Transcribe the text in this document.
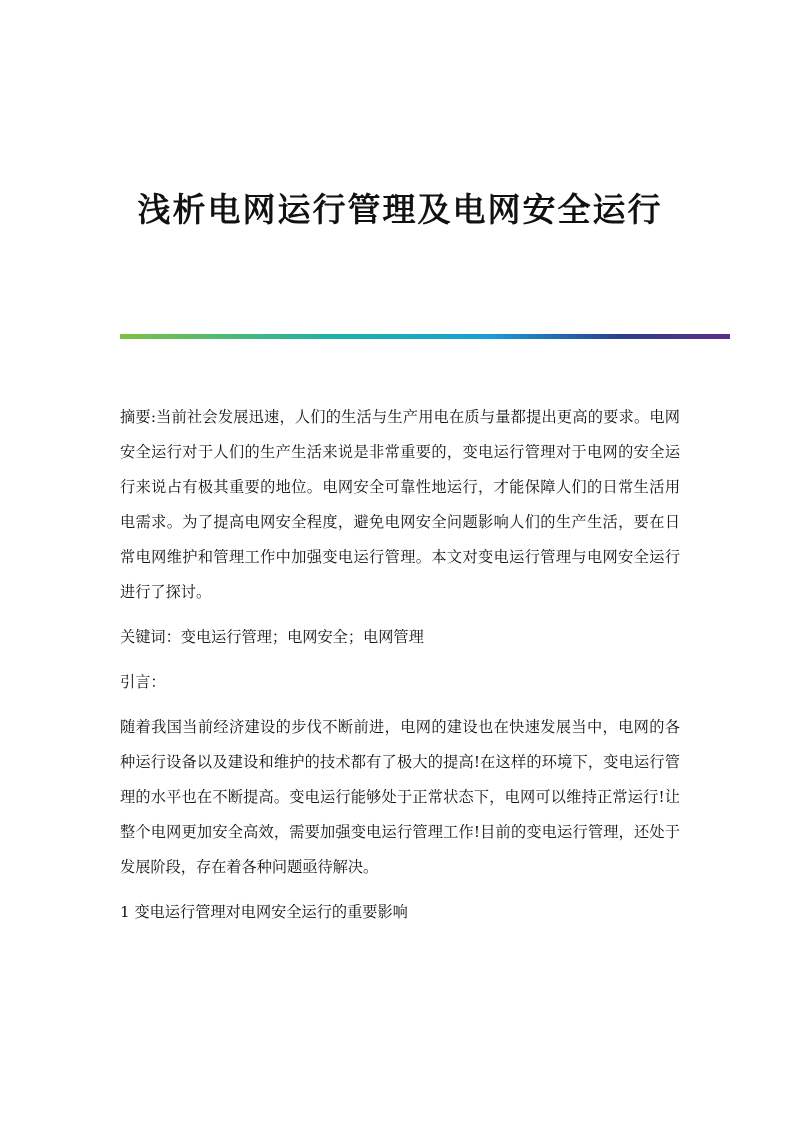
浅析电网运行管理及电网安全运行

摘要:当前社会发展迅速，人们的生活与生产用电在质与量都提出更高的要求。电网安全运行对于人们的生产生活来说是非常重要的，变电运行管理对于电网的安全运行来说占有极其重要的地位。电网安全可靠性地运行，才能保障人们的日常生活用电需求。为了提高电网安全程度，避免电网安全问题影响人们的生产生活，要在日常电网维护和管理工作中加强变电运行管理。本文对变电运行管理与电网安全运行进行了探讨。

关键词：变电运行管理；电网安全；电网管理

引言：

随着我国当前经济建设的步伐不断前进，电网的建设也在快速发展当中，电网的各种运行设备以及建设和维护的技术都有了极大的提高!在这样的环境下，变电运行管理的水平也在不断提高。变电运行能够处于正常状态下，电网可以维持正常运行!让整个电网更加安全高效，需要加强变电运行管理工作!目前的变电运行管理，还处于发展阶段，存在着各种问题亟待解决。

1 变电运行管理对电网安全运行的重要影响
